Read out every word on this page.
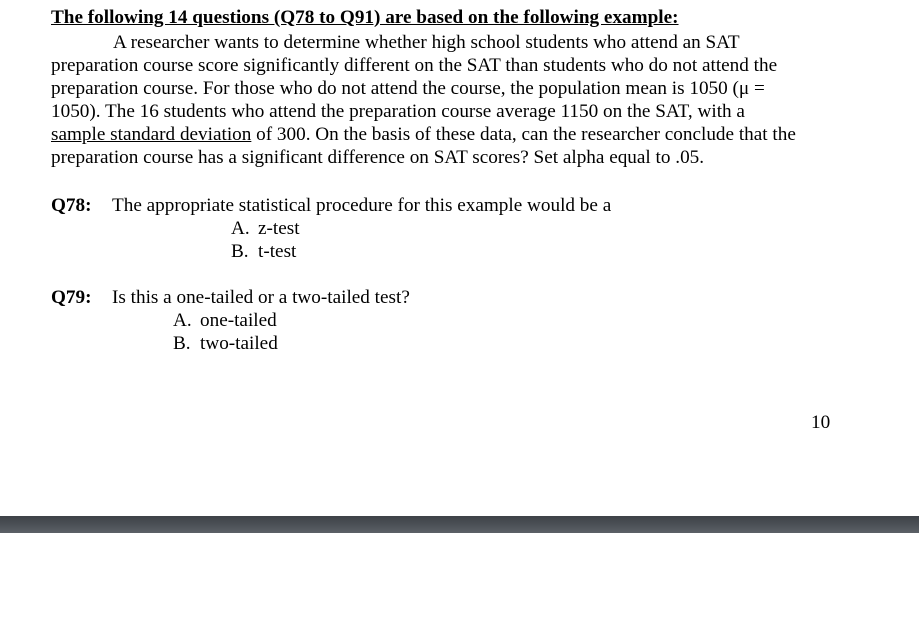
The following 14 questions (Q78 to Q91) are based on the following example:
A researcher wants to determine whether high school students who attend an SAT
preparation course score significantly different on the SAT than students who do not attend the
preparation course. For those who do not attend the course, the population mean is 1050 (μ =
1050). The 16 students who attend the preparation course average 1150 on the SAT, with a
sample standard deviation of 300. On the basis of these data, can the researcher conclude that the
preparation course has a significant difference on SAT scores? Set alpha equal to .05.
Q78: The appropriate statistical procedure for this example would be a
A. z-test
B. t-test
Q79: Is this a one-tailed or a two-tailed test?
A. one-tailed
B. two-tailed
10
